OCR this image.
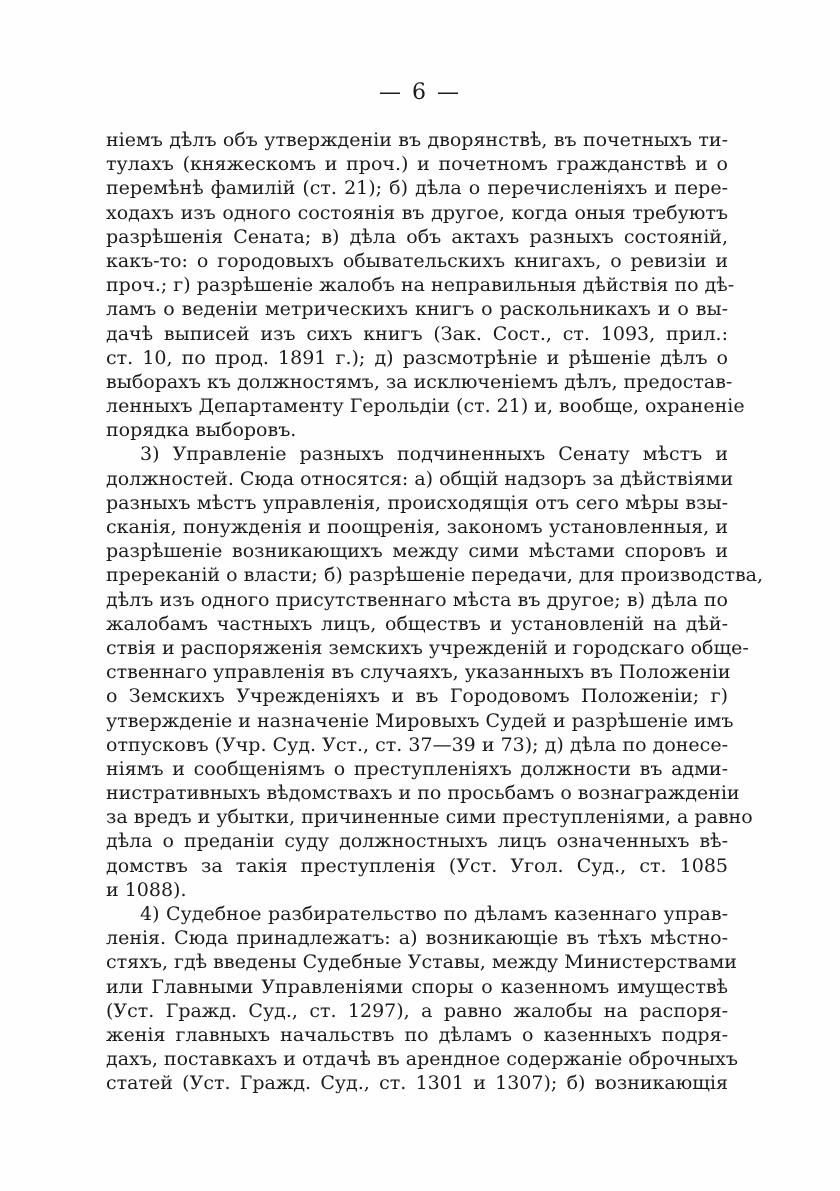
— 6 —
ніемъ дѣлъ объ утвержденіи въ дворянствѣ, въ почетныхъ ти-
тулахъ (княжескомъ и проч.) и почетномъ гражданствѣ и о
перемѣнѣ фамилій (ст. 21); б) дѣла о перечисленіяхъ и пере-
ходахъ изъ одного состоянія въ другое, когда оныя требуютъ
разрѣшенія Сената; в) дѣла объ актахъ разныхъ состояній,
какъ-то: о городовыхъ обывательскихъ книгахъ, о ревизіи и
проч.; г) разрѣшеніе жалобъ на неправильныя дѣйствія по дѣ-
ламъ о веденіи метрическихъ книгъ о раскольникахъ и о вы-
дачѣ выписей изъ сихъ книгъ (Зак. Сост., ст. 1093, прил.:
ст. 10, по прод. 1891 г.); д) разсмотрѣніе и рѣшеніе дѣлъ о
выборахъ къ должностямъ, за исключеніемъ дѣлъ, предостав-
ленныхъ Департаменту Герольдіи (ст. 21) и, вообще, охраненіе
порядка выборовъ.
3) Управленіе разныхъ подчиненныхъ Сенату мѣстъ и
должностей. Сюда относятся: а) общій надзоръ за дѣйствіями
разныхъ мѣстъ управленія, происходящія отъ сего мѣры взы-
сканія, понужденія и поощренія, закономъ установленныя, и
разрѣшеніе возникающихъ между сими мѣстами споровъ и
пререканій о власти; б) разрѣшеніе передачи, для производства,
дѣлъ изъ одного присутственнаго мѣста въ другое; в) дѣла по
жалобамъ частныхъ лицъ, обществъ и установленій на дѣй-
ствія и распоряженія земскихъ учрежденій и городскаго обще-
ственнаго управленія въ случаяхъ, указанныхъ въ Положеніи
о Земскихъ Учрежденіяхъ и въ Городовомъ Положеніи; г)
утвержденіе и назначеніе Мировыхъ Судей и разрѣшеніе имъ
отпусковъ (Учр. Суд. Уст., ст. 37—39 и 73); д) дѣла по донесе-
ніямъ и сообщеніямъ о преступленіяхъ должности въ адми-
нистративныхъ вѣдомствахъ и по просьбамъ о вознагражденіи
за вредъ и убытки, причиненные сими преступленіями, а равно
дѣла о преданіи суду должностныхъ лицъ означенныхъ вѣ-
домствъ за такія преступленія (Уст. Угол. Суд., ст. 1085
и 1088).
4) Судебное разбирательство по дѣламъ казеннаго управ-
ленія. Сюда принадлежатъ: а) возникающіе въ тѣхъ мѣстно-
стяхъ, гдѣ введены Судебные Уставы, между Министерствами
или Главными Управленіями споры о казенномъ имуществѣ
(Уст. Гражд. Суд., ст. 1297), а равно жалобы на распоря-
женія главныхъ начальствъ по дѣламъ о казенныхъ подря-
дахъ, поставкахъ и отдачѣ въ арендное содержаніе оброчныхъ
статей (Уст. Гражд. Суд., ст. 1301 и 1307); б) возникающія
